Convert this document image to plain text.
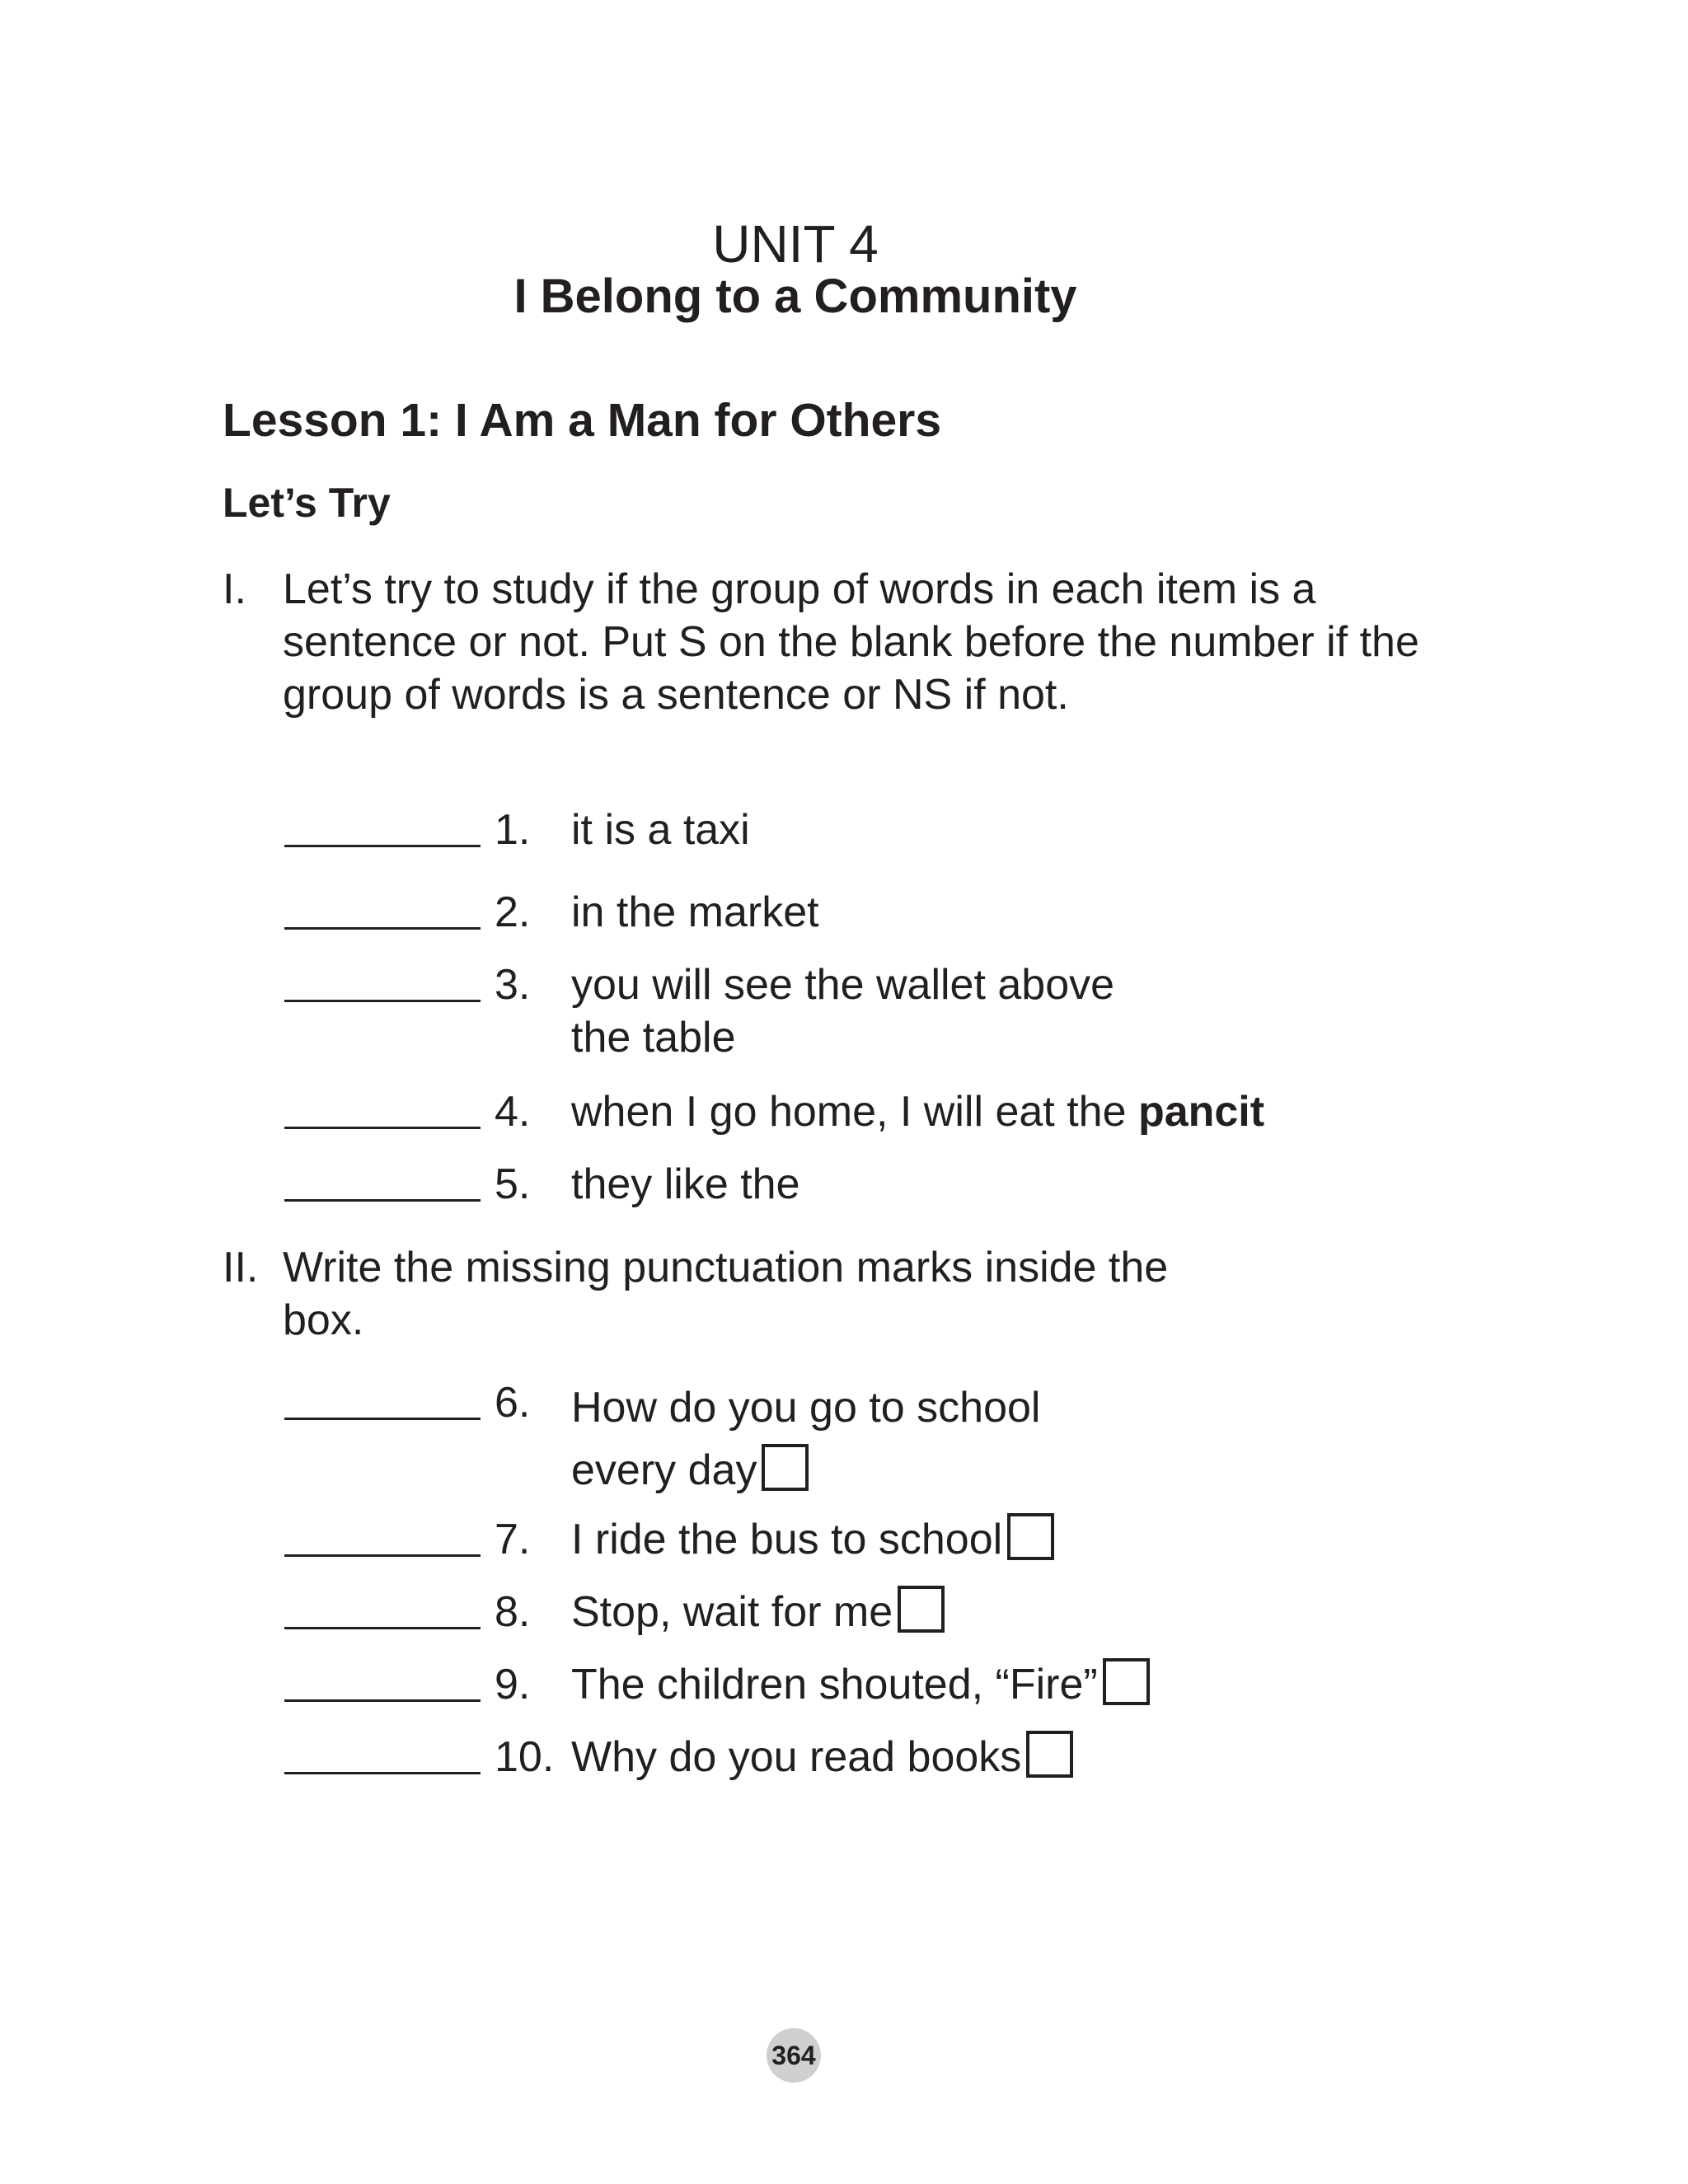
UNIT 4
I Belong to a Community
Lesson 1: I Am a Man for Others
Let’s Try
I. Let’s try to study if the group of words in each item is a sentence or not. Put S on the blank before the number if the group of words is a sentence or NS if not.
1. it is a taxi
2. in the market
3. you will see the wallet above
the table
4. when I go home, I will eat the pancit
5. they like the
II. Write the missing punctuation marks inside the
box.
6. How do you go to school
every day
7. I ride the bus to school
8. Stop, wait for me
9. The children shouted, “Fire”
10. Why do you read books
364
